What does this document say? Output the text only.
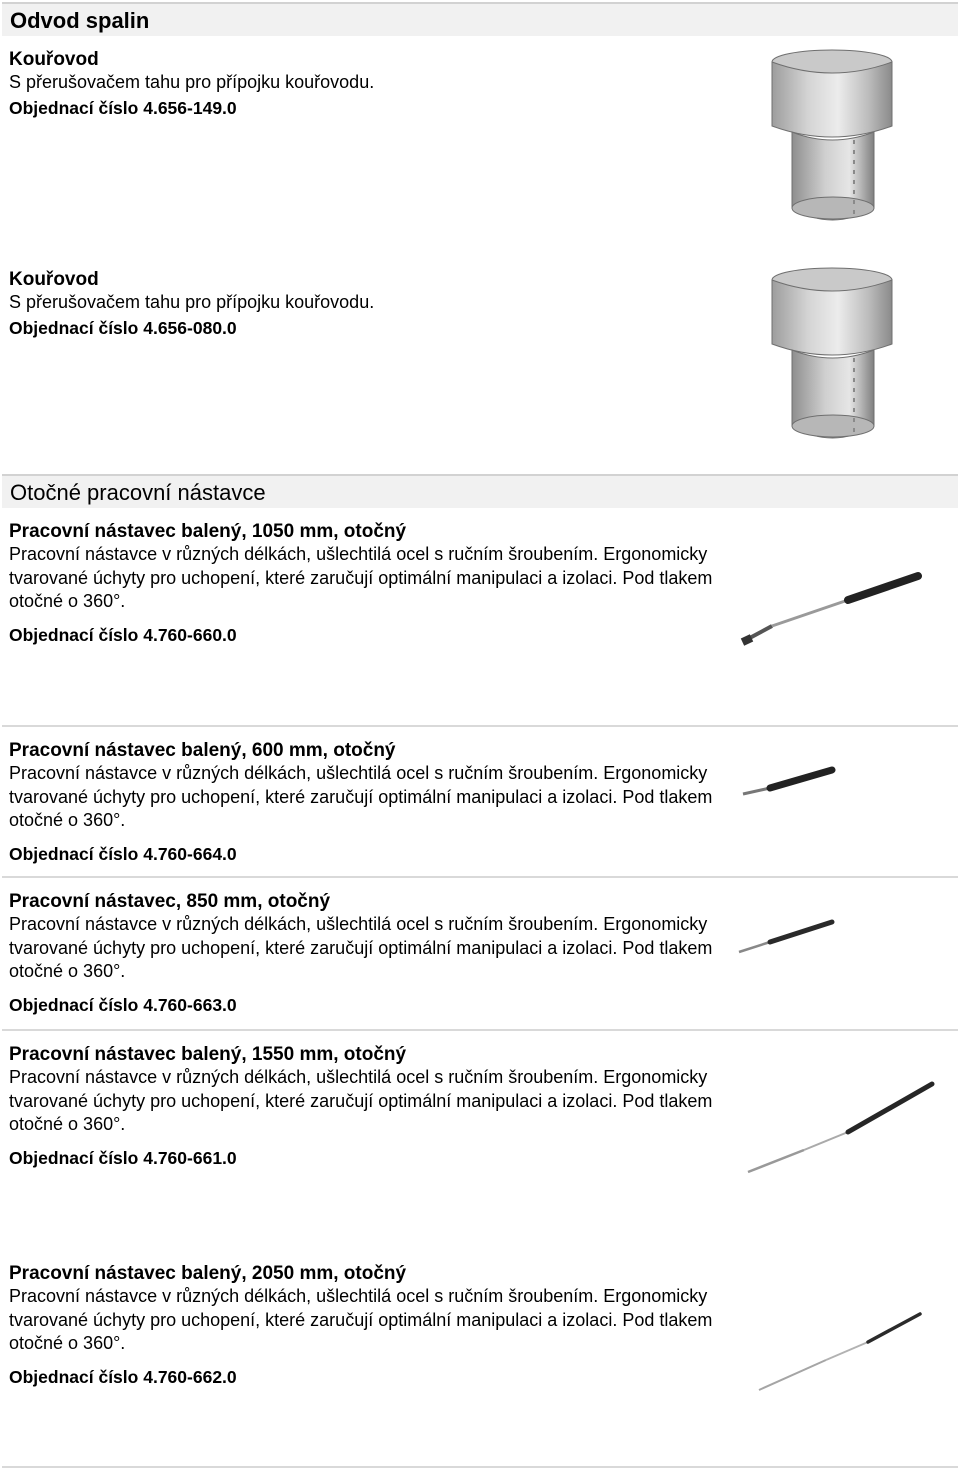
Odvod spalin
Kouřovod
S přerušovačem tahu pro přípojku kouřovodu.
Objednací číslo 4.656-149.0
Kouřovod
S přerušovačem tahu pro přípojku kouřovodu.
Objednací číslo 4.656-080.0
Otočné pracovní nástavce
Pracovní nástavec balený, 1050 mm, otočný
Pracovní nástavce v různých délkách, ušlechtilá ocel s ručním šroubením. Ergonomicky tvarované úchyty pro uchopení, které zaručují optimální manipulaci a izolaci. Pod tlakem otočné o 360°.
Objednací číslo 4.760-660.0
Pracovní nástavec balený, 600 mm, otočný
Pracovní nástavce v různých délkách, ušlechtilá ocel s ručním šroubením. Ergonomicky tvarované úchyty pro uchopení, které zaručují optimální manipulaci a izolaci. Pod tlakem otočné o 360°.
Objednací číslo 4.760-664.0
Pracovní nástavec, 850 mm, otočný
Pracovní nástavce v různých délkách, ušlechtilá ocel s ručním šroubením. Ergonomicky tvarované úchyty pro uchopení, které zaručují optimální manipulaci a izolaci. Pod tlakem otočné o 360°.
Objednací číslo 4.760-663.0
Pracovní nástavec balený, 1550 mm, otočný
Pracovní nástavce v různých délkách, ušlechtilá ocel s ručním šroubením. Ergonomicky tvarované úchyty pro uchopení, které zaručují optimální manipulaci a izolaci. Pod tlakem otočné o 360°.
Objednací číslo 4.760-661.0
Pracovní nástavec balený, 2050 mm, otočný
Pracovní nástavce v různých délkách, ušlechtilá ocel s ručním šroubením. Ergonomicky tvarované úchyty pro uchopení, které zaručují optimální manipulaci a izolaci. Pod tlakem otočné o 360°.
Objednací číslo 4.760-662.0
